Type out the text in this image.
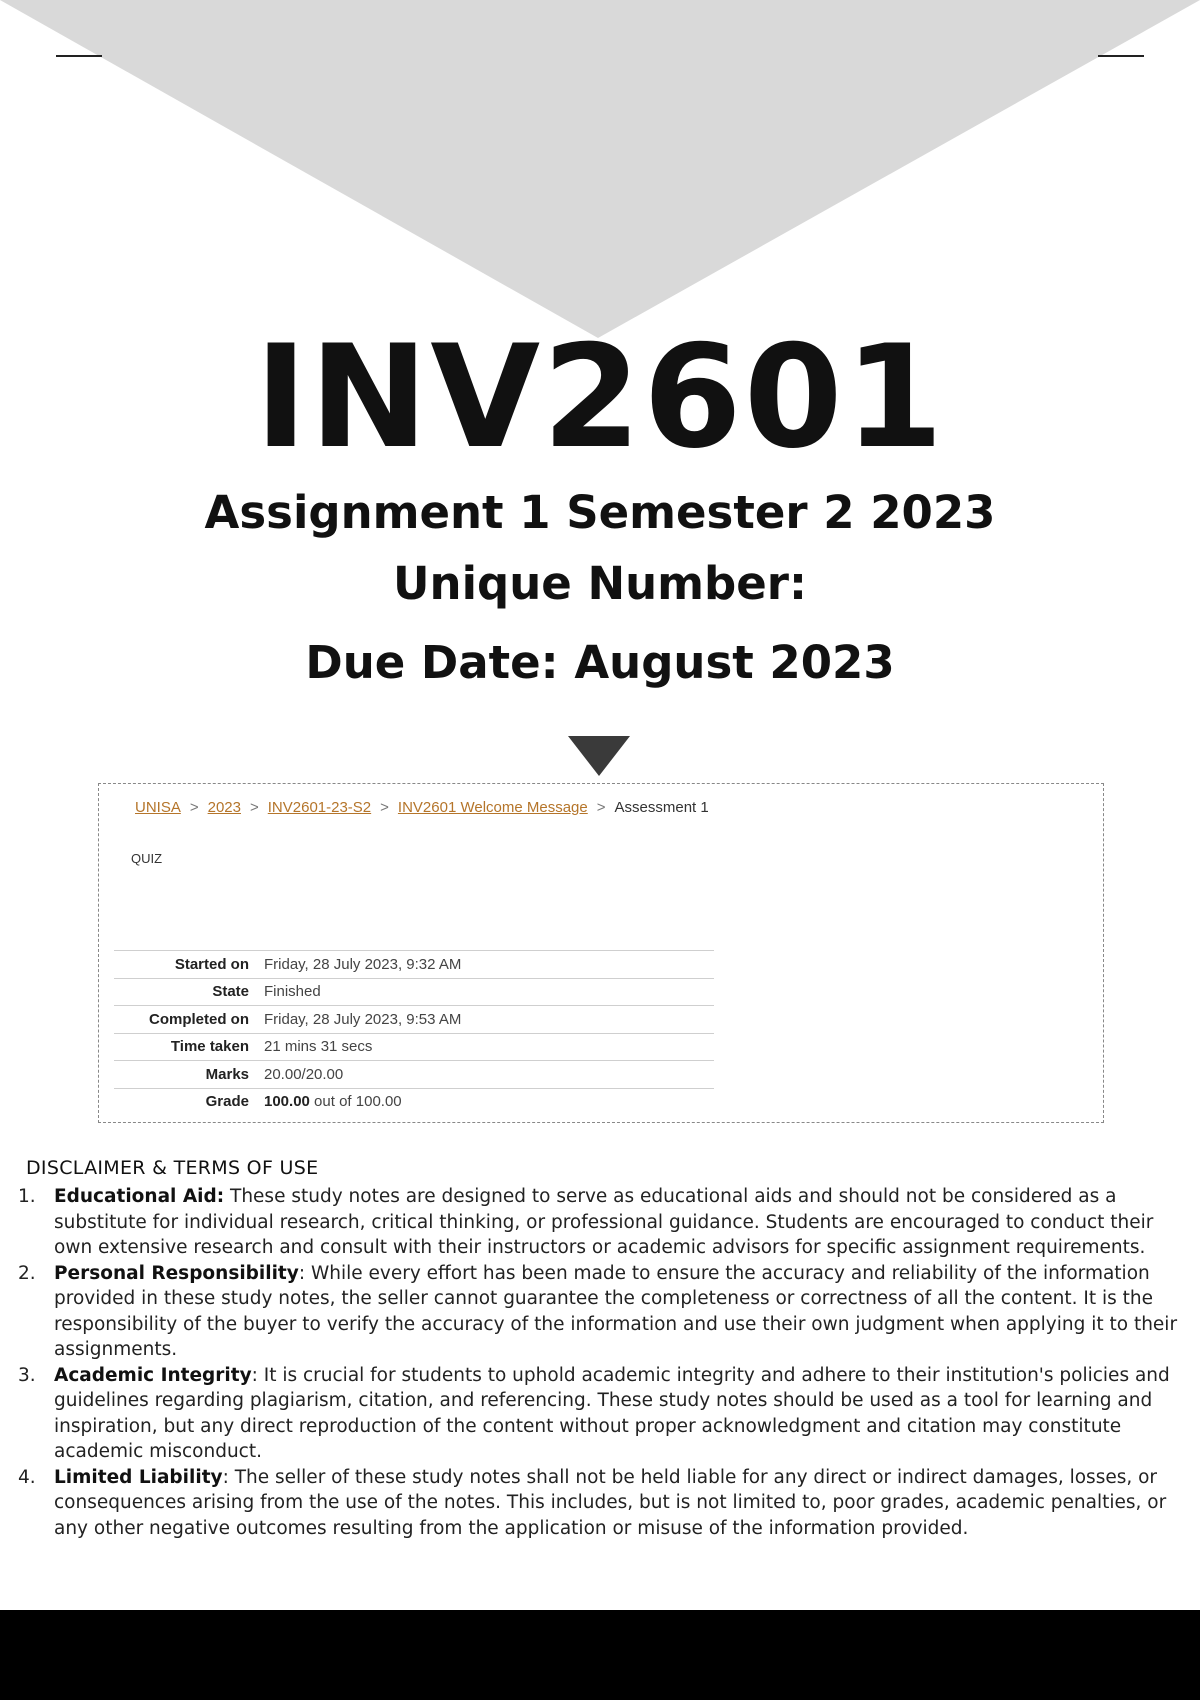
INV2601
Assignment 1 Semester 2 2023
Unique Number:
Due Date: August 2023
UNISA > 2023 > INV2601-23-S2 > INV2601 Welcome Message > Assessment 1
QUIZ
Started on	Friday, 28 July 2023, 9:32 AM
State	Finished
Completed on	Friday, 28 July 2023, 9:53 AM
Time taken	21 mins 31 secs
Marks	20.00/20.00
Grade	100.00 out of 100.00
DISCLAIMER & TERMS OF USE
1. Educational Aid: These study notes are designed to serve as educational aids and should not be considered as a substitute for individual research, critical thinking, or professional guidance. Students are encouraged to conduct their own extensive research and consult with their instructors or academic advisors for specific assignment requirements.
2. Personal Responsibility: While every effort has been made to ensure the accuracy and reliability of the information provided in these study notes, the seller cannot guarantee the completeness or correctness of all the content. It is the responsibility of the buyer to verify the accuracy of the information and use their own judgment when applying it to their assignments.
3. Academic Integrity: It is crucial for students to uphold academic integrity and adhere to their institution's policies and guidelines regarding plagiarism, citation, and referencing. These study notes should be used as a tool for learning and inspiration, but any direct reproduction of the content without proper acknowledgment and citation may constitute academic misconduct.
4. Limited Liability: The seller of these study notes shall not be held liable for any direct or indirect damages, losses, or consequences arising from the use of the notes. This includes, but is not limited to, poor grades, academic penalties, or any other negative outcomes resulting from the application or misuse of the information provided.
